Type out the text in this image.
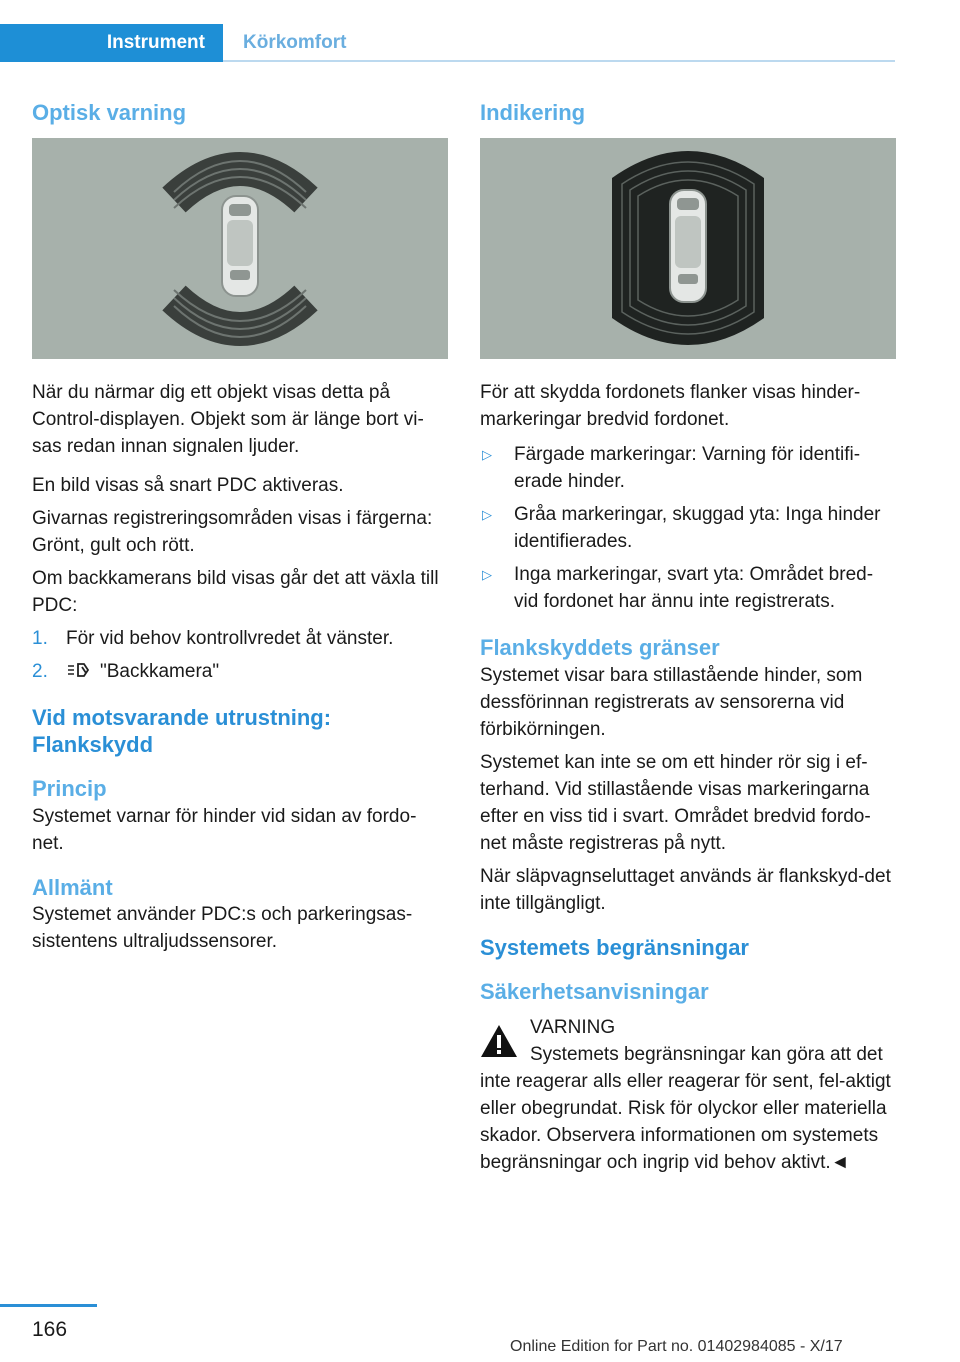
Instrument	Körkomfort
Optisk varning

När du närmar dig ett objekt visas detta på Control-displayen. Objekt som är länge bort vi-sas redan innan signalen ljuder.

En bild visas så snart PDC aktiveras.

Givarnas registreringsområden visas i färgerna: Grönt, gult och rött.

Om backkamerans bild visas går det att växla till PDC:

1. För vid behov kontrollvredet åt vänster.
2.	"Backkamera"
Vid motsvarande utrustning: Flankskydd
Princip

Systemet varnar för hinder vid sidan av fordo-net.

Allmänt

Systemet använder PDC:s och parkeringsas-sistentens ultraljudssensorer.

Indikering

För att skydda fordonets flanker visas hinder-markeringar bredvid fordonet.

▷ Färgade markeringar: Varning för identifi-erade hinder.
▷ Gråa markeringar, skuggad yta: Inga hinder identifierades.
▷ Inga markeringar, svart yta: Området bred-vid fordonet har ännu inte registrerats.
Flankskyddets gränser

Systemet visar bara stillastående hinder, som dessförinnan registrerats av sensorerna vid förbikörningen.

Systemet kan inte se om ett hinder rör sig i ef-terhand. Vid stillastående visas markeringarna efter en viss tid i svart. Området bredvid fordo-net måste registreras på nytt.

När släpvagnseluttaget används är flankskyd-det inte tillgängligt.

Systemets begränsningar
Säkerhetsanvisningar

VARNING

Systemets begränsningar kan göra att det inte reagerar alls eller reagerar för sent, fel-aktigt eller obegrundat. Risk för olyckor eller materiella skador. Observera informationen om systemets begränsningar och ingrip vid behov aktivt.◄

166
Online Edition for Part no. 01402984085 - X/17
